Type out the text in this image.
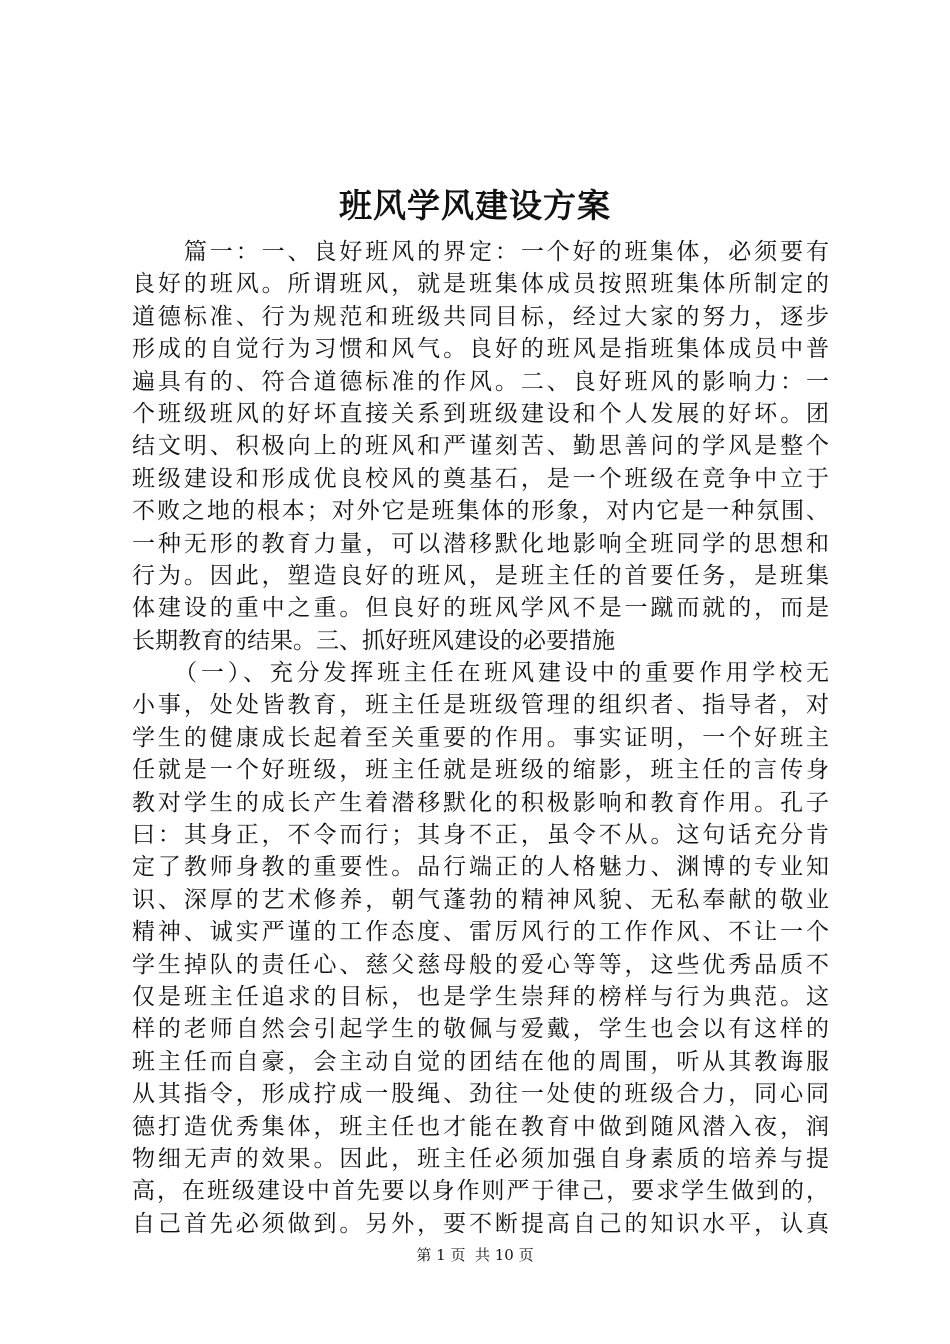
班风学风建设方案
　　篇一：一、良好班风的界定：一个好的班集体，必须要有
良好的班风。所谓班风，就是班集体成员按照班集体所制定的
道德标准、行为规范和班级共同目标，经过大家的努力，逐步
形成的自觉行为习惯和风气。良好的班风是指班集体成员中普
遍具有的、符合道德标准的作风。二、良好班风的影响力：一
个班级班风的好坏直接关系到班级建设和个人发展的好坏。团
结文明、积极向上的班风和严谨刻苦、勤思善问的学风是整个
班级建设和形成优良校风的奠基石，是一个班级在竞争中立于
不败之地的根本；对外它是班集体的形象，对内它是一种氛围、
一种无形的教育力量，可以潜移默化地影响全班同学的思想和
行为。因此，塑造良好的班风，是班主任的首要任务，是班集
体建设的重中之重。但良好的班风学风不是一蹴而就的，而是
长期教育的结果。三、抓好班风建设的必要措施
　　（一）、充分发挥班主任在班风建设中的重要作用学校无
小事，处处皆教育，班主任是班级管理的组织者、指导者，对
学生的健康成长起着至关重要的作用。事实证明，一个好班主
任就是一个好班级，班主任就是班级的缩影，班主任的言传身
教对学生的成长产生着潜移默化的积极影响和教育作用。孔子
曰：其身正，不令而行；其身不正，虽令不从。这句话充分肯
定了教师身教的重要性。品行端正的人格魅力、渊博的专业知
识、深厚的艺术修养，朝气蓬勃的精神风貌、无私奉献的敬业
精神、诚实严谨的工作态度、雷厉风行的工作作风、不让一个
学生掉队的责任心、慈父慈母般的爱心等等，这些优秀品质不
仅是班主任追求的目标，也是学生崇拜的榜样与行为典范。这
样的老师自然会引起学生的敬佩与爱戴，学生也会以有这样的
班主任而自豪，会主动自觉的团结在他的周围，听从其教诲服
从其指令，形成拧成一股绳、劲往一处使的班级合力，同心同
德打造优秀集体，班主任也才能在教育中做到随风潜入夜，润
物细无声的效果。因此，班主任必须加强自身素质的培养与提
高，在班级建设中首先要以身作则严于律己，要求学生做到的，
自己首先必须做到。另外，要不断提高自己的知识水平，认真
第 1 页  共 10 页
